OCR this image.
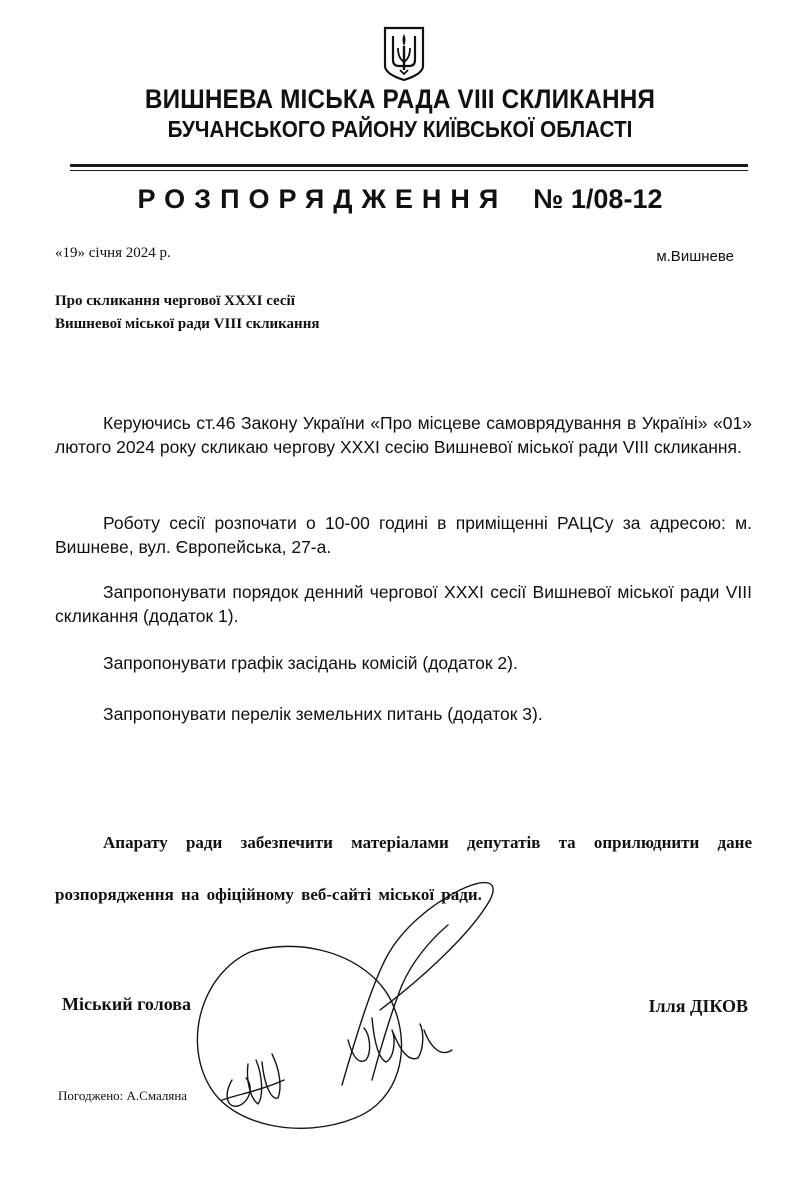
ВИШНЕВА МІСЬКА РАДА VIII СКЛИКАННЯ
БУЧАНСЬКОГО РАЙОНУ КИЇВСЬКОЇ ОБЛАСТІ
РОЗПОРЯДЖЕННЯ № 1/08-12
«19» січня 2024 р.	м.Вишневе
Про скликання чергової XXXI сесії
Вишневої міської ради VIII скликання
Керуючись ст.46 Закону України «Про місцеве самоврядування в Україні» «01» лютого 2024 року скликаю чергову XXXI сесію Вишневої міської ради VIII скликання.
Роботу сесії розпочати о 10-00 годині в приміщенні РАЦСу за адресою: м. Вишневе, вул. Європейська, 27-а.
Запропонувати порядок денний чергової XXXI сесії Вишневої міської ради VIII скликання (додаток 1).
Запропонувати графік засідань комісій (додаток 2).
Запропонувати перелік земельних питань (додаток 3).
Апарату ради забезпечити матеріалами депутатів та оприлюднити дане розпорядження на офіційному веб-сайті міської ради.
Міський голова	Ілля ДІКОВ
Погоджено: А.Смаляна
